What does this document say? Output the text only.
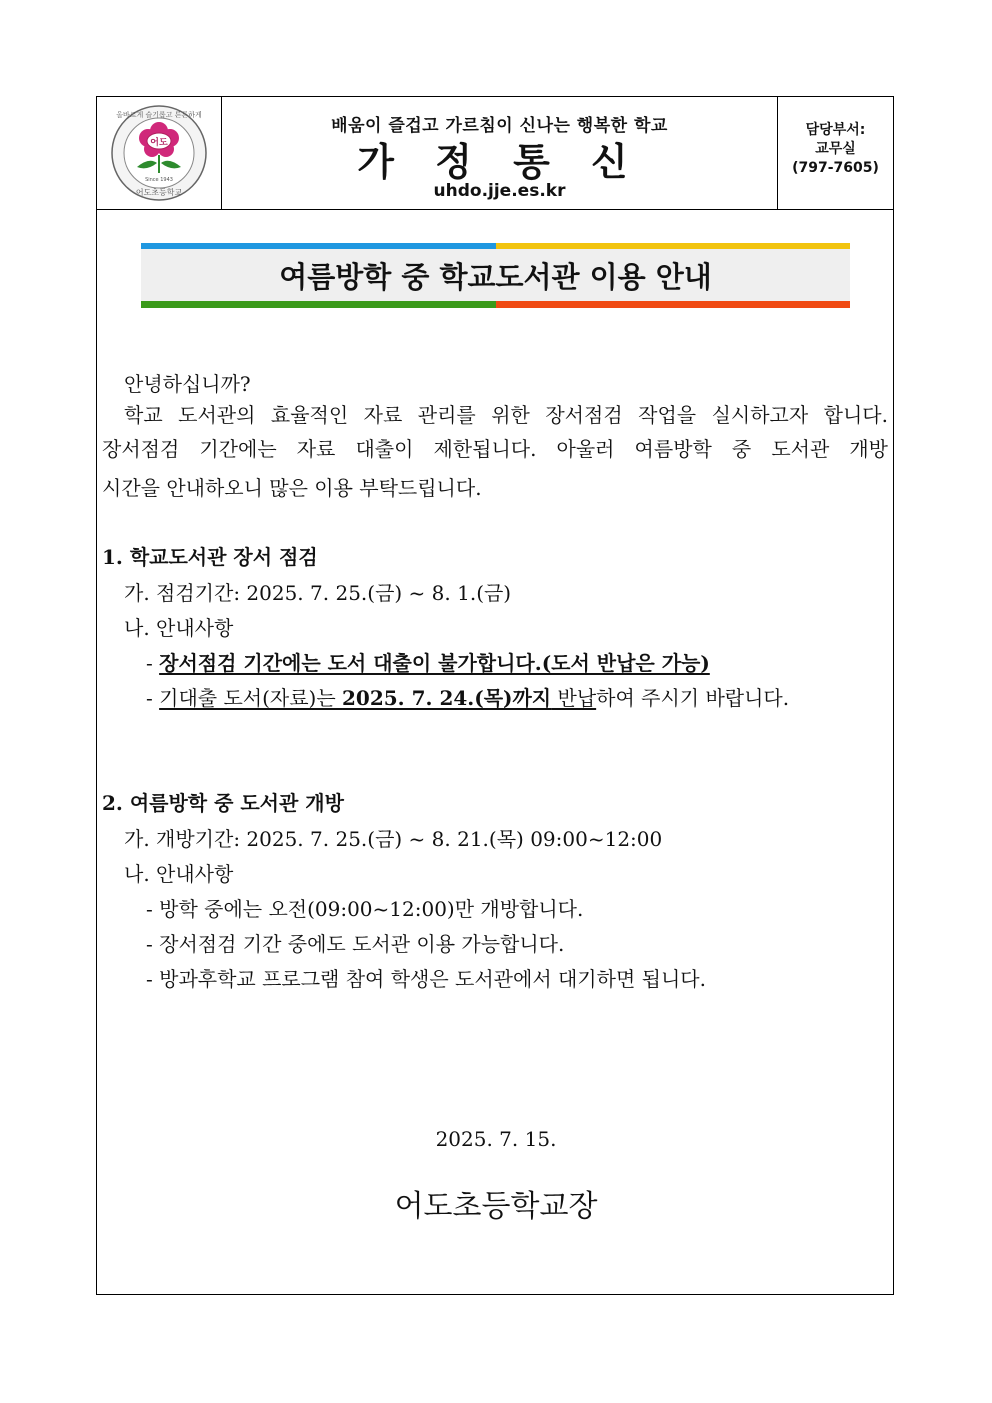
어도
Since 1943
어도초등학교
올바르게 슬기롭고 튼튼하게
배움이 즐겁고 가르침이 신나는 행복한 학교
가 정 통 신
uhdo.jje.es.kr
담당부서:
교무실
(797-7605)
여름방학 중 학교도서관 이용 안내
안녕하십니까?
학교 도서관의 효율적인 자료 관리를 위한 장서점검 작업을 실시하고자 합니다.
장서점검 기간에는 자료 대출이 제한됩니다. 아울러 여름방학 중 도서관 개방
시간을 안내하오니 많은 이용 부탁드립니다.
1. 학교도서관 장서 점검
가. 점검기간: 2025. 7. 25.(금) ~ 8. 1.(금)
나. 안내사항
- 장서점검 기간에는 도서 대출이 불가합니다.(도서 반납은 가능)
- 기대출 도서(자료)는 2025. 7. 24.(목)까지 반납하여 주시기 바랍니다.
2. 여름방학 중 도서관 개방
가. 개방기간: 2025. 7. 25.(금) ~ 8. 21.(목) 09:00~12:00
나. 안내사항
- 방학 중에는 오전(09:00~12:00)만 개방합니다.
- 장서점검 기간 중에도 도서관 이용 가능합니다.
- 방과후학교 프로그램 참여 학생은 도서관에서 대기하면 됩니다.
2025. 7. 15.
어도초등학교장
